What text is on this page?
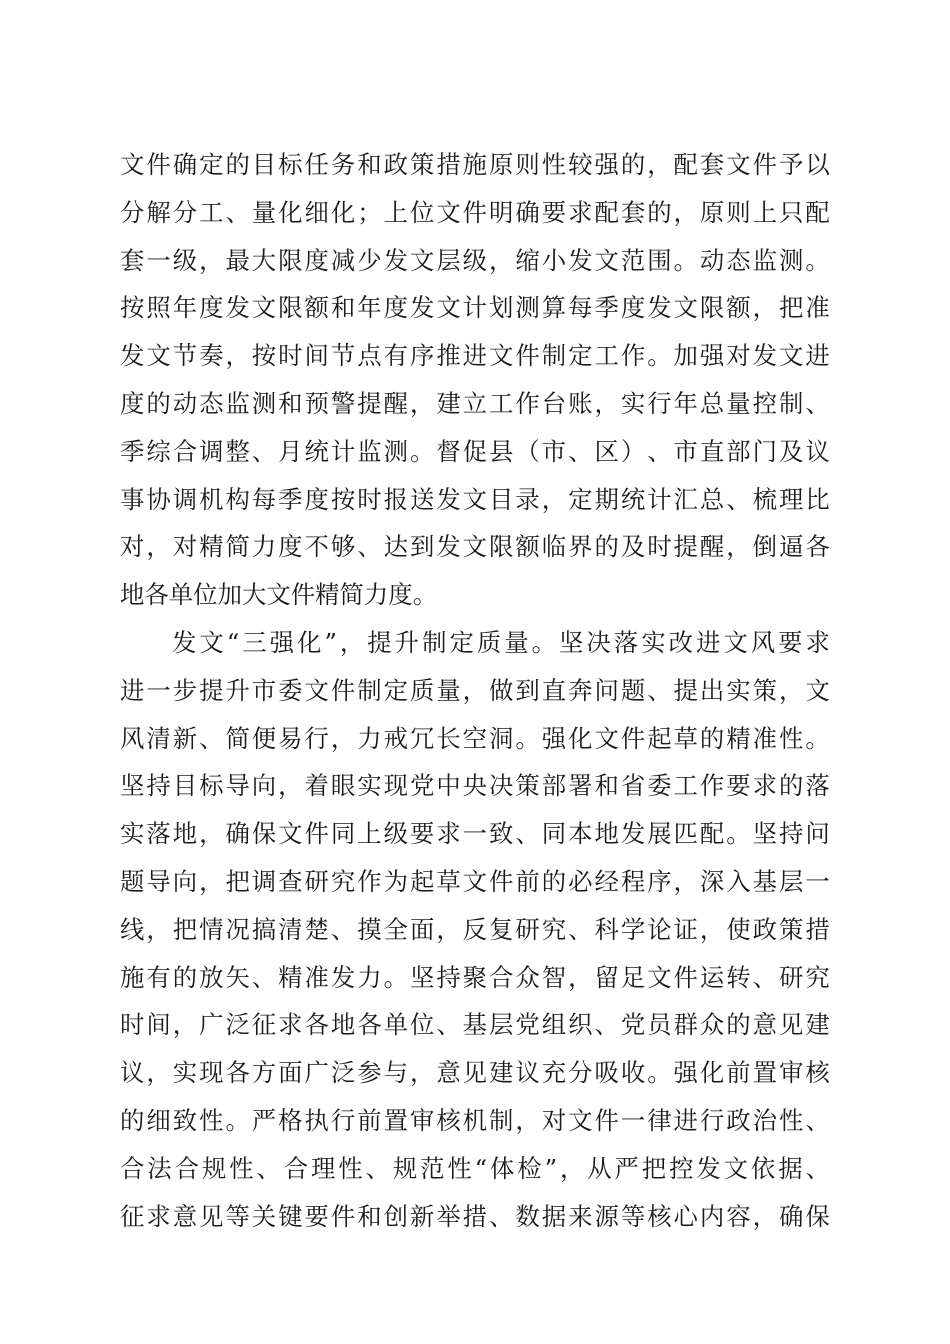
文 件 确 定 的 目 标 任 务 和 政 策 措 施 原 则 性 较 强 的 ， 配 套 文 件 予 以
分 解 分 工 、 量 化 细 化 ； 上 位 文 件 明 确 要 求 配 套 的 ， 原 则 上 只 配
套 一 级 ， 最 大 限 度 减 少 发 文 层 级 ， 缩 小 发 文 范 围 。 动 态 监 测 。
按 照 年 度 发 文 限 额 和 年 度 发 文 计 划 测 算 每 季 度 发 文 限 额 ， 把 准
发 文 节 奏 ， 按 时 间 节 点 有 序 推 进 文 件 制 定 工 作 。 加 强 对 发 文 进
度 的 动 态 监 测 和 预 警 提 醒 ， 建 立 工 作 台 账 ， 实 行 年 总 量 控 制 、
季 综 合 调 整 、 月 统 计 监 测 。 督 促 县 （ 市 、 区 ） 、 市 直 部 门 及 议
事 协 调 机 构 每 季 度 按 时 报 送 发 文 目 录 ， 定 期 统 计 汇 总 、 梳 理 比
对 ， 对 精 简 力 度 不 够 、 达 到 发 文 限 额 临 界 的 及 时 提 醒 ， 倒 逼 各
地各单位加大文件精简力度。
发 文 “ 三 强 化 ” ， 提 升 制 定 质 量 。 坚 决 落 实 改 进 文 风 要 求
进 一 步 提 升 市 委 文 件 制 定 质 量 ， 做 到 直 奔 问 题 、 提 出 实 策 ， 文
风 清 新 、 简 便 易 行 ， 力 戒 冗 长 空 洞 。 强 化 文 件 起 草 的 精 准 性 。
坚 持 目 标 导 向 ， 着 眼 实 现 党 中 央 决 策 部 署 和 省 委 工 作 要 求 的 落
实 落 地 ， 确 保 文 件 同 上 级 要 求 一 致 、 同 本 地 发 展 匹 配 。 坚 持 问
题 导 向 ， 把 调 查 研 究 作 为 起 草 文 件 前 的 必 经 程 序 ， 深 入 基 层 一
线 ， 把 情 况 搞 清 楚 、 摸 全 面 ， 反 复 研 究 、 科 学 论 证 ， 使 政 策 措
施 有 的 放 矢 、 精 准 发 力 。 坚 持 聚 合 众 智 ， 留 足 文 件 运 转 、 研 究
时 间 ， 广 泛 征 求 各 地 各 单 位 、 基 层 党 组 织 、 党 员 群 众 的 意 见 建
议 ， 实 现 各 方 面 广 泛 参 与 ， 意 见 建 议 充 分 吸 收 。 强 化 前 置 审 核
的 细 致 性 。 严 格 执 行 前 置 审 核 机 制 ， 对 文 件 一 律 进 行 政 治 性 、
合 法 合 规 性 、 合 理 性 、 规 范 性 “ 体 检 ” ， 从 严 把 控 发 文 依 据 、
征 求 意 见 等 关 键 要 件 和 创 新 举 措 、 数 据 来 源 等 核 心 内 容 ， 确 保
